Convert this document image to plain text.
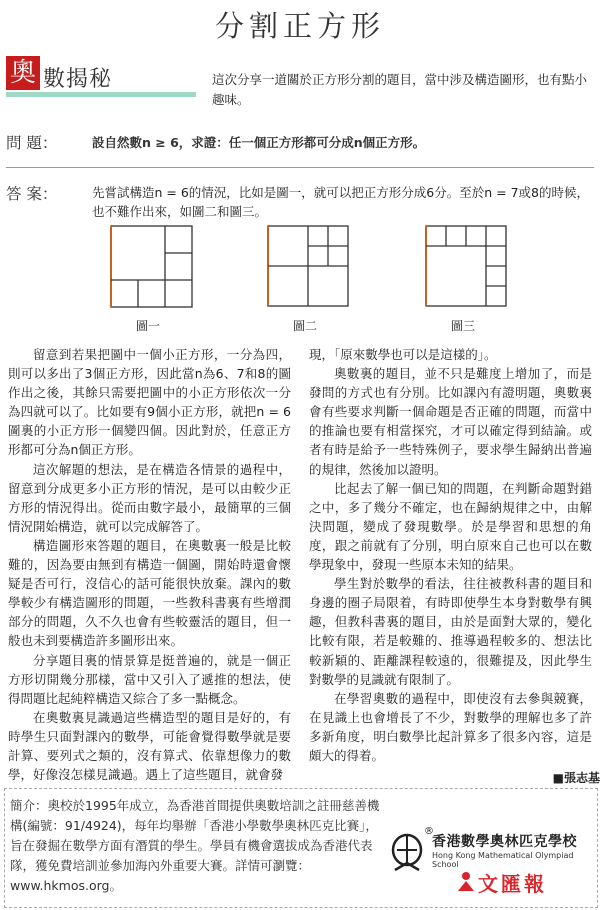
分割正方形
奧 數揭秘	這次分享一道關於正方形分割的題目，當中涉及構造圖形，也有點小趣味。
問 題：	設自然數n ≥ 6，求證：任一個正方形都可分成n個正方形。
答 案：	先嘗試構造n = 6的情況，比如是圖一，就可以把正方形分成6分。至於n = 7或8的時候，也不難作出來，如圖二和圖三。
圖一	圖二	圖三

留意到若果把圖中一個小正方形，一分為四，則可以多出了3個正方形，因此當n為6、7和8的圖作出之後，其餘只需要把圖中的小正方形依次一分為四就可以了。比如要有9個小正方形，就把n = 6圖裏的小正方形一個變四個。因此對於，任意正方形都可分為n個正方形。

這次解題的想法，是在構造各情景的過程中，留意到分成更多小正方形的情況，是可以由較少正方形的情況得出。從而由數字最小，最簡單的三個情況開始構造，就可以完成解答了。

構造圖形來答題的題目，在奧數裏一般是比較難的，因為要由無到有構造一個圖，開始時還會懷疑是否可行，沒信心的話可能很快放棄。課內的數學較少有構造圖形的問題，一些教科書裏有些增潤部分的問題，久不久也會有些較靈活的題目，但一般也未到要構造許多圖形出來。

分享題目裏的情景算是挺普遍的，就是一個正方形切開幾分那樣，當中又引入了遞推的想法，使得問題比起純粹構造又綜合了多一點概念。

在奧數裏見識過這些構造型的題目是好的，有時學生只面對課內的數學，可能會覺得數學就是要計算、要列式之類的，沒有算式、依靠想像力的數學，好像沒怎樣見識過。遇上了這些題目，就會發

現，「原來數學也可以是這樣的」。

奧數裏的題目，並不只是難度上增加了，而是發問的方式也有分別。比如課內有證明題，奧數裏會有些要求判斷一個命題是否正確的問題，而當中的推論也要有相當探究，才可以確定得到結論。或者有時是給予一些特殊例子，要求學生歸納出普遍的規律，然後加以證明。

比起去了解一個已知的問題，在判斷命題對錯之中，多了幾分不確定，也在歸納規律之中，由解決問題，變成了發現數學。於是學習和思想的角度，跟之前就有了分別，明白原來自己也可以在數學現象中，發現一些原本未知的結果。

學生對於數學的看法，往往被教科書的題目和身邊的圈子局限着，有時即使學生本身對數學有興趣，但教科書裏的題目，由於是面對大眾的，變化比較有限，若是較難的、推導過程較多的、想法比較新穎的、距離課程較遠的，很難提及，因此學生對數學的見識就有限制了。

在學習奧數的過程中，即使沒有去參與競賽，在見識上也會增長了不少，對數學的理解也多了許多新角度，明白數學比起計算多了很多內容，這是頗大的得着。

■張志基
簡介：奧校於1995年成立，為香港首間提供奧數培訓之註冊慈善機構(編號：91/4924)，每年均舉辦「香港小學數學奧林匹克比賽」，旨在發掘在數學方面有潛質的學生。學員有機會選拔成為香港代表隊，獲免費培訓並參加海內外重要大賽。詳情可瀏覽：www.hkmos.org。
®
香港數學奧林匹克學校
Hong Kong Mathematical Olympiad School
文匯報
